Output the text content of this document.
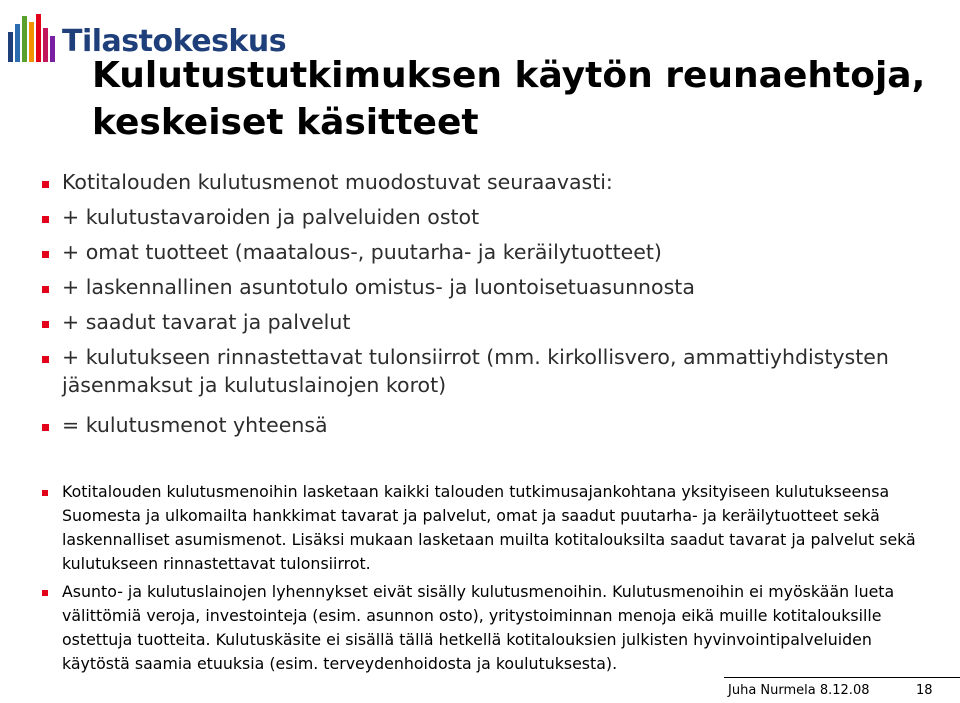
Tilastokeskus
Kulutustutkimuksen käytön reunaehtoja,
keskeiset käsitteet
Kotitalouden kulutusmenot muodostuvat seuraavasti:
+ kulutustavaroiden ja palveluiden ostot
+ omat tuotteet (maatalous-, puutarha- ja keräilytuotteet)
+ laskennallinen asuntotulo omistus- ja luontoisetuasunnosta
+ saadut tavarat ja palvelut
+ kulutukseen rinnastettavat tulonsiirrot (mm. kirkollisvero, ammattiyhdistysten jäsenmaksut ja kulutuslainojen korot)
= kulutusmenot yhteensä
Kotitalouden kulutusmenoihin lasketaan kaikki talouden tutkimusajankohtana yksityiseen kulutukseensa Suomesta ja ulkomailta hankkimat tavarat ja palvelut, omat ja saadut puutarha- ja keräilytuotteet sekä laskennalliset asumismenot. Lisäksi mukaan lasketaan muilta kotitalouksilta saadut tavarat ja palvelut sekä kulutukseen rinnastettavat tulonsiirrot.
Asunto- ja kulutuslainojen lyhennykset eivät sisälly kulutusmenoihin. Kulutusmenoihin ei myöskään lueta välittömiä veroja, investointeja (esim. asunnon osto), yritystoiminnan menoja eikä muille kotitalouksille ostettuja tuotteita. Kulutuskäsite ei sisällä tällä hetkellä kotitalouksien julkisten hyvinvointipalveluiden käytöstä saamia etuuksia (esim. terveydenhoidosta ja koulutuksesta).
Juha Nurmela 8.12.08	18
